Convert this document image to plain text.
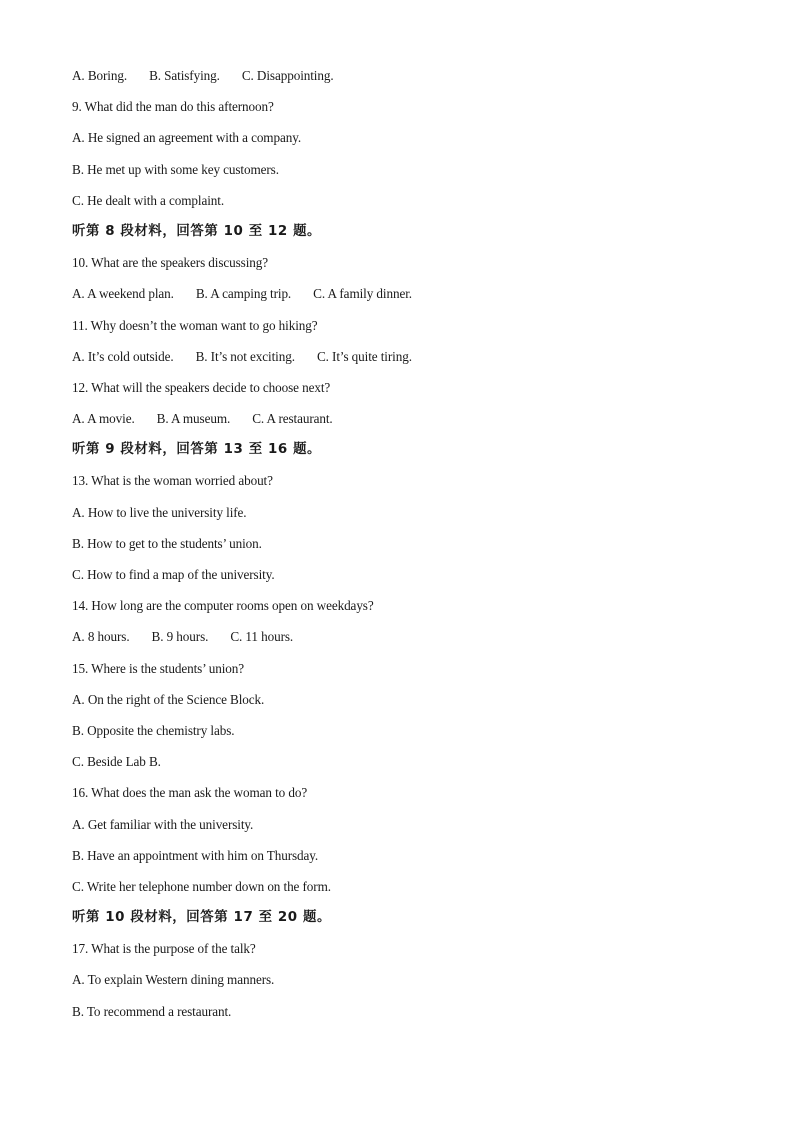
A. Boring. B. Satisfying. C. Disappointing.
9. What did the man do this afternoon?
A. He signed an agreement with a company.
B. He met up with some key customers.
C. He dealt with a complaint.
听第 8 段材料，回答第 10 至 12 题。
10. What are the speakers discussing?
A. A weekend plan. B. A camping trip. C. A family dinner.
11. Why doesn’t the woman want to go hiking?
A. It’s cold outside. B. It’s not exciting. C. It’s quite tiring.
12. What will the speakers decide to choose next?
A. A movie. B. A museum. C. A restaurant.
听第 9 段材料，回答第 13 至 16 题。
13. What is the woman worried about?
A. How to live the university life.
B. How to get to the students’ union.
C. How to find a map of the university.
14. How long are the computer rooms open on weekdays?
A. 8 hours. B. 9 hours. C. 11 hours.
15. Where is the students’ union?
A. On the right of the Science Block.
B. Opposite the chemistry labs.
C. Beside Lab B.
16. What does the man ask the woman to do?
A. Get familiar with the university.
B. Have an appointment with him on Thursday.
C. Write her telephone number down on the form.
听第 10 段材料，回答第 17 至 20 题。
17. What is the purpose of the talk?
A. To explain Western dining manners.
B. To recommend a restaurant.
